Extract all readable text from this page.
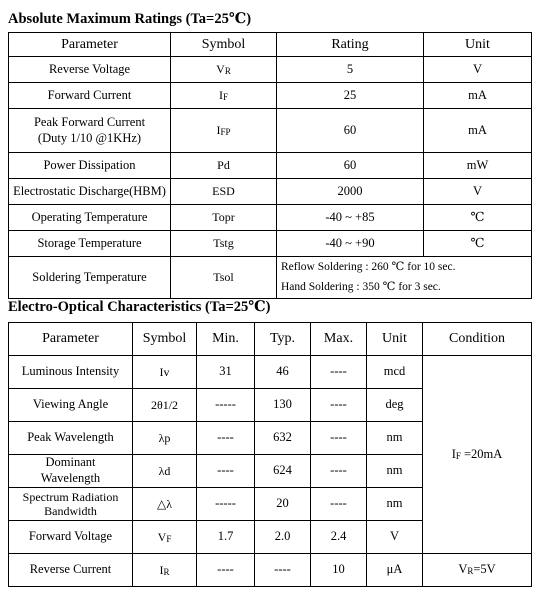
Absolute Maximum Ratings (Ta=25℃)
Parameter	Symbol	Rating	Unit
Reverse Voltage	VR	5	V
Forward Current	IF	25	mA

Peak Forward Current
(Duty 1/10 @1KHz)	IFP	60	mA
Power Dissipation	Pd	60	mW
Electrostatic Discharge(HBM)	ESD	2000	V
Operating Temperature	Topr	-40 ~ +85	℃
Storage Temperature	Tstg	-40 ~ +90	℃
Soldering Temperature	Tsol	Reflow Soldering : 260 ℃ for 10 sec.
Hand Soldering : 350 ℃ for 3 sec.	
Electro-Optical Characteristics (Ta=25℃)
Parameter	Symbol	Min.	Typ.	Max.	Unit	Condition
Luminous Intensity	Iv	31	46	----	mcd	IF =20mA
Viewing Angle	2θ1/2	-----	130	----	deg	
Peak Wavelength	λp	----	632	----	nm	

Dominant
Wavelength	λd	----	624	----	nm	

Spectrum Radiation
Bandwidth	△λ	-----	20	----	nm	
Forward Voltage	VF	1.7	2.0	2.4	V	
Reverse Current	IR	----	----	10	μA	VR=5V
